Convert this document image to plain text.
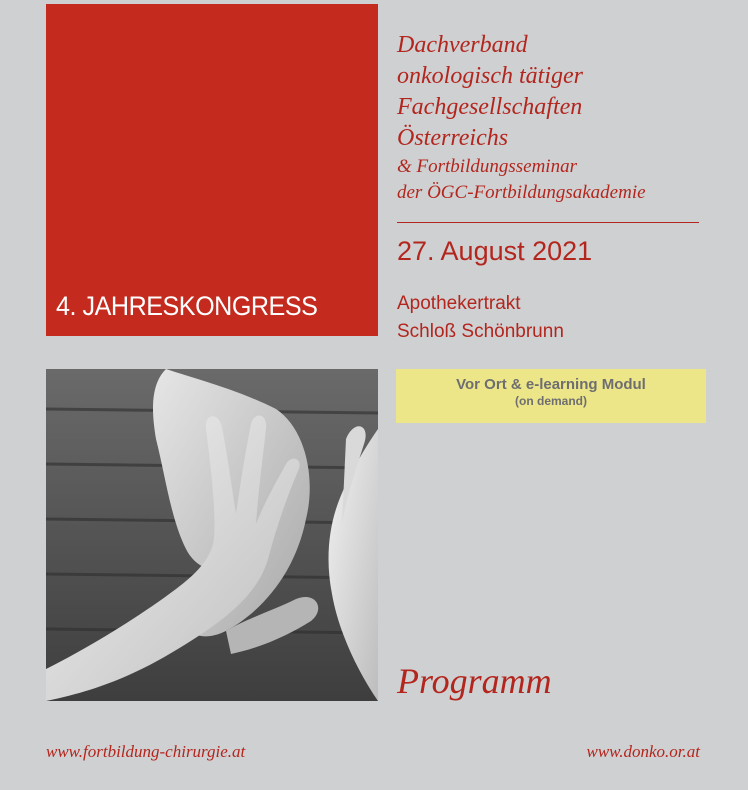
4. JAHRESKONGRESS
Dachverband
onkologisch tätiger
Fachgesellschaften
Österreichs
& Fortbildungsseminar
der ÖGC-Fortbildungsakademie
27. August 2021
Apothekertrakt
Schloß Schönbrunn
Vor Ort & e-learning Modul
(on demand)
Programm
www.fortbildung-chirurgie.at	www.donko.or.at
